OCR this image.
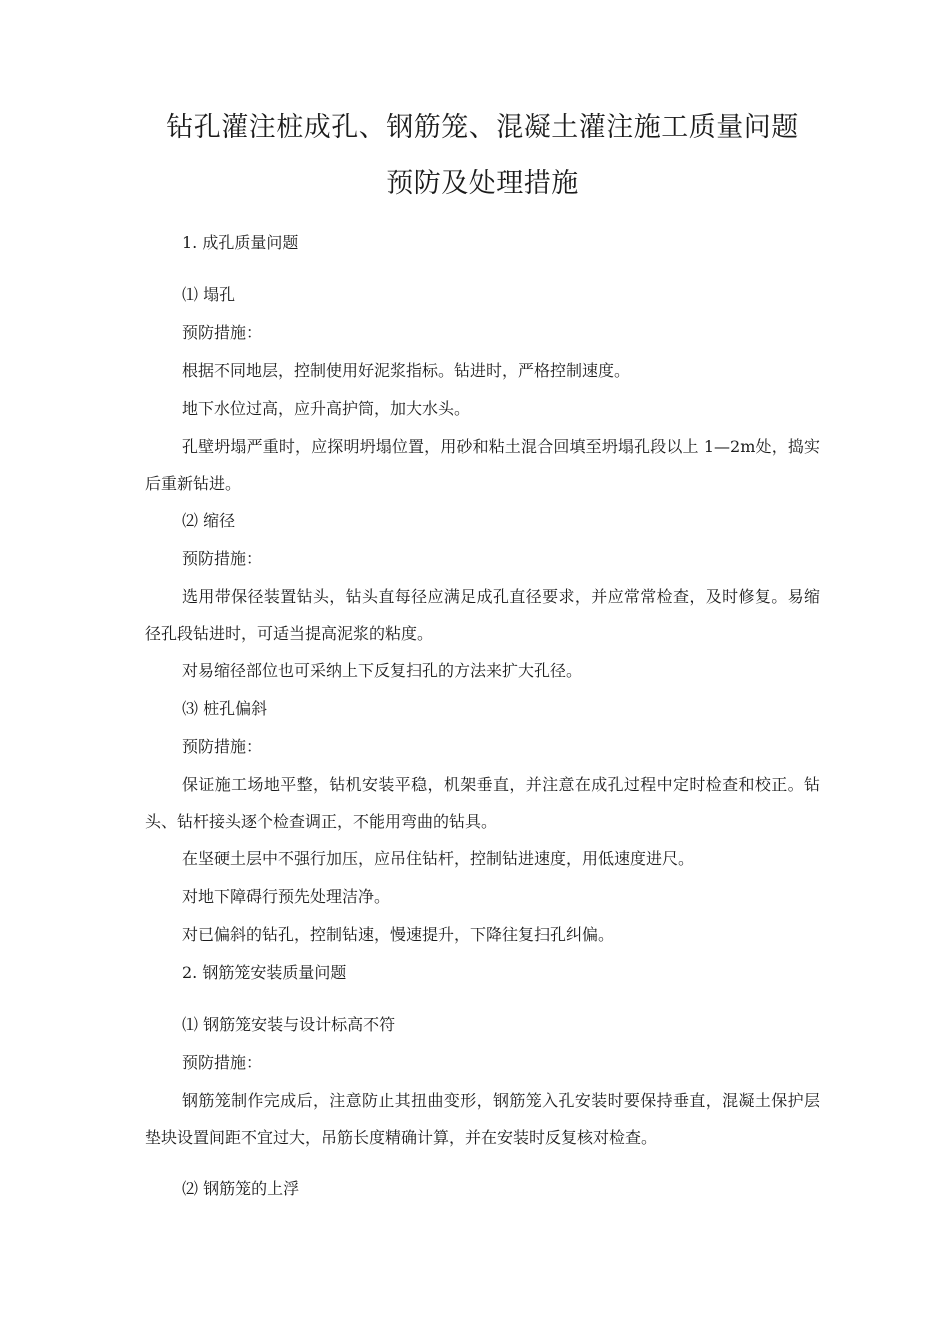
钻孔灌注桩成孔、钢筋笼、混凝土灌注施工质量问题
预防及处理措施

1. 成孔质量问题

⑴ 塌孔

预防措施：

根据不同地层，控制使用好泥浆指标。钻进时，严格控制速度。

地下水位过高，应升高护筒，加大水头。

孔壁坍塌严重时，应探明坍塌位置，用砂和粘土混合回填至坍塌孔段以上 1—2m处，捣实后重新钻进。

⑵ 缩径

预防措施：

选用带保径装置钻头，钻头直每径应满足成孔直径要求，并应常常检查，及时修复。易缩径孔段钻进时，可适当提高泥浆的粘度。

对易缩径部位也可采纳上下反复扫孔的方法来扩大孔径。

⑶ 桩孔偏斜

预防措施：

保证施工场地平整，钻机安装平稳，机架垂直，并注意在成孔过程中定时检查和校正。钻头、钻杆接头逐个检查调正，不能用弯曲的钻具。

在坚硬土层中不强行加压，应吊住钻杆，控制钻进速度，用低速度进尺。

对地下障碍行预先处理洁净。

对已偏斜的钻孔，控制钻速，慢速提升，下降往复扫孔纠偏。

2. 钢筋笼安装质量问题

⑴ 钢筋笼安装与设计标高不符

预防措施：

钢筋笼制作完成后，注意防止其扭曲变形，钢筋笼入孔安装时要保持垂直，混凝土保护层垫块设置间距不宜过大，吊筋长度精确计算，并在安装时反复核对检查。

⑵ 钢筋笼的上浮
